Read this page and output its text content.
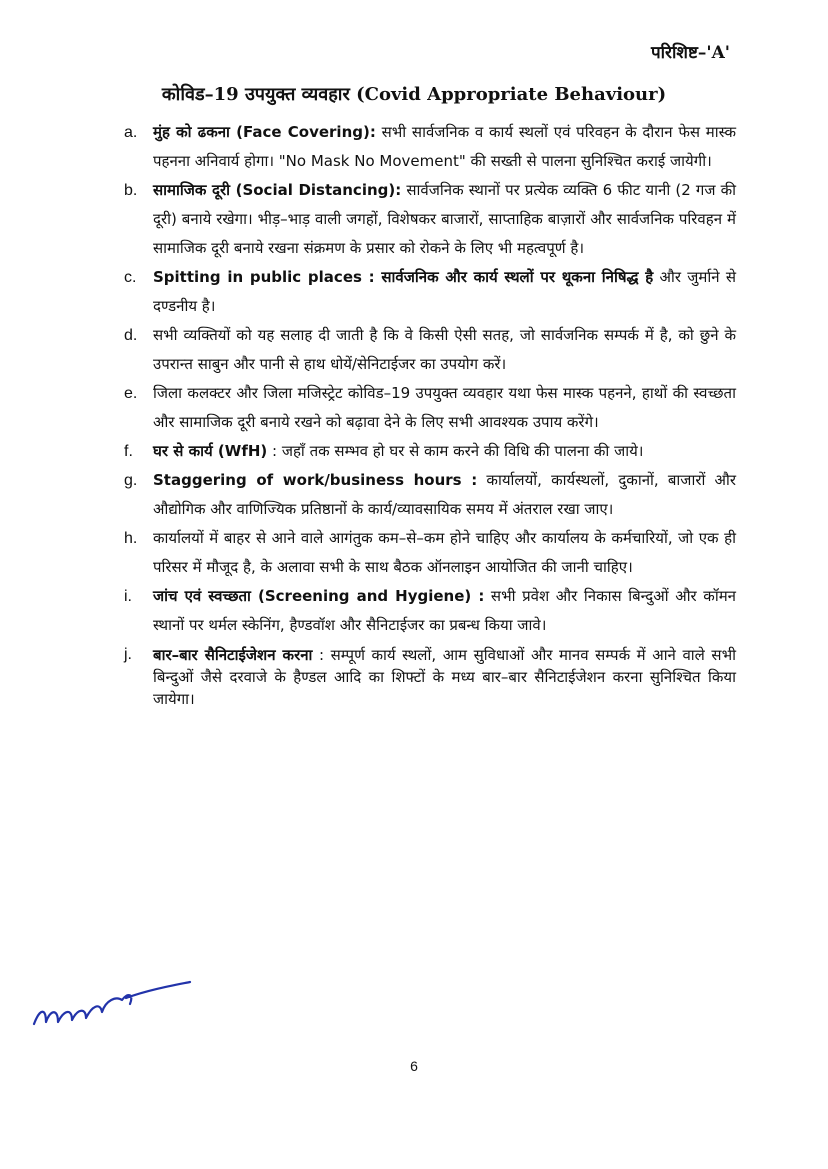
परिशिष्ट–'A'
कोविड–19 उपयुक्त व्यवहार (Covid Appropriate Behaviour)
a. मुंह को ढकना (Face Covering): सभी सार्वजनिक व कार्य स्थलों एवं परिवहन के दौरान फेस मास्क पहनना अनिवार्य होगा। "No Mask No Movement" की सख्ती से पालना सुनिश्चित कराई जायेगी।
b. सामाजिक दूरी (Social Distancing): सार्वजनिक स्थानों पर प्रत्येक व्यक्ति 6 फीट यानी (2 गज की दूरी) बनाये रखेगा। भीड़–भाड़ वाली जगहों, विशेषकर बाजारों, साप्ताहिक बाज़ारों और सार्वजनिक परिवहन में सामाजिक दूरी बनाये रखना संक्रमण के प्रसार को रोकने के लिए भी महत्वपूर्ण है।
c. Spitting in public places : सार्वजनिक और कार्य स्थलों पर थूकना निषिद्ध है और जुर्माने से दण्डनीय है।
d. सभी व्यक्तियों को यह सलाह दी जाती है कि वे किसी ऐसी सतह, जो सार्वजनिक सम्पर्क में है, को छुने के उपरान्त साबुन और पानी से हाथ धोयें/सेनिटाईजर का उपयोग करें।
e. जिला कलक्टर और जिला मजिस्ट्रेट कोविड–19 उपयुक्त व्यवहार यथा फेस मास्क पहनने, हाथों की स्वच्छता और सामाजिक दूरी बनाये रखने को बढ़ावा देने के लिए सभी आवश्यक उपाय करेंगे।
f. घर से कार्य (WfH) : जहाँ तक सम्भव हो घर से काम करने की विधि की पालना की जाये।
g. Staggering of work/business hours : कार्यालयों, कार्यस्थलों, दुकानों, बाजारों और औद्योगिक और वाणिज्यिक प्रतिष्ठानों के कार्य/व्यावसायिक समय में अंतराल रखा जाए।
h. कार्यालयों में बाहर से आने वाले आगंतुक कम–से–कम होने चाहिए और कार्यालय के कर्मचारियों, जो एक ही परिसर में मौजूद है, के अलावा सभी के साथ बैठक ऑनलाइन आयोजित की जानी चाहिए।
i. जांच एवं स्वच्छता (Screening and Hygiene) : सभी प्रवेश और निकास बिन्दुओं और कॉमन स्थानों पर थर्मल स्केनिंग, हैण्डवॉश और सैनिटाईजर का प्रबन्ध किया जावे।
j. बार–बार सैनिटाईजेशन करना : सम्पूर्ण कार्य स्थलों, आम सुविधाओं और मानव सम्पर्क में आने वाले सभी बिन्दुओं जैसे दरवाजे के हैण्डल आदि का शिफ्टों के मध्य बार–बार सैनिटाईजेशन करना सुनिश्चित किया जायेगा।
6
